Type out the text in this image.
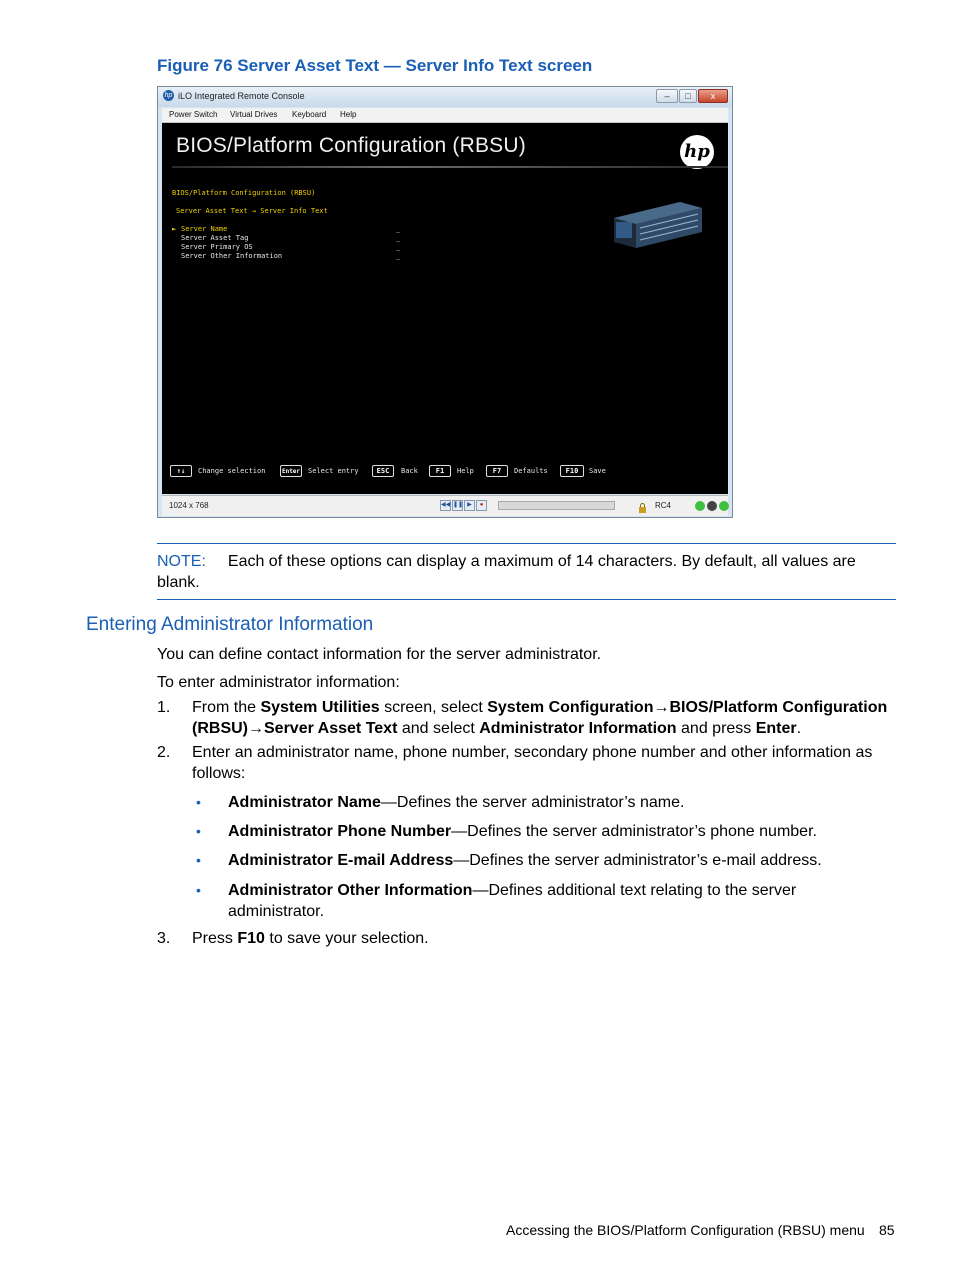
Figure 76 Server Asset Text — Server Info Text screen
hp iLO Integrated Remote Console	–	□	x
Power Switch Virtual Drives Keyboard Help
BIOS/Platform Configuration (RBSU)	hp
BIOS/Platform Configuration (RBSU)
Server Asset Text → Server Info Text
► Server Name	_
Server Asset Tag	_
Server Primary OS	_
Server Other Information	_
↑↓	Change selection	Enter Select entry	ESC	Back	F1	Help	F7	Defaults	F10	Save
1024 x 768	◀◀ ❚❚ ▶	●	RC4
NOTE: Each of these options can display a maximum of 14 characters. By default, all values are blank.
Entering Administrator Information
You can define contact information for the server administrator.
To enter administrator information:
1. From the System Utilities screen, select System Configuration→BIOS/Platform Configuration (RBSU)→Server Asset Text and select Administrator Information and press Enter.
2. Enter an administrator name, phone number, secondary phone number and other information as follows:
• Administrator Name—Defines the server administrator’s name.
• Administrator Phone Number—Defines the server administrator’s phone number.
• Administrator E-mail Address—Defines the server administrator’s e-mail address.
• Administrator Other Information—Defines additional text relating to the server administrator.
3. Press F10 to save your selection.
Accessing the BIOS/Platform Configuration (RBSU) menu 85
